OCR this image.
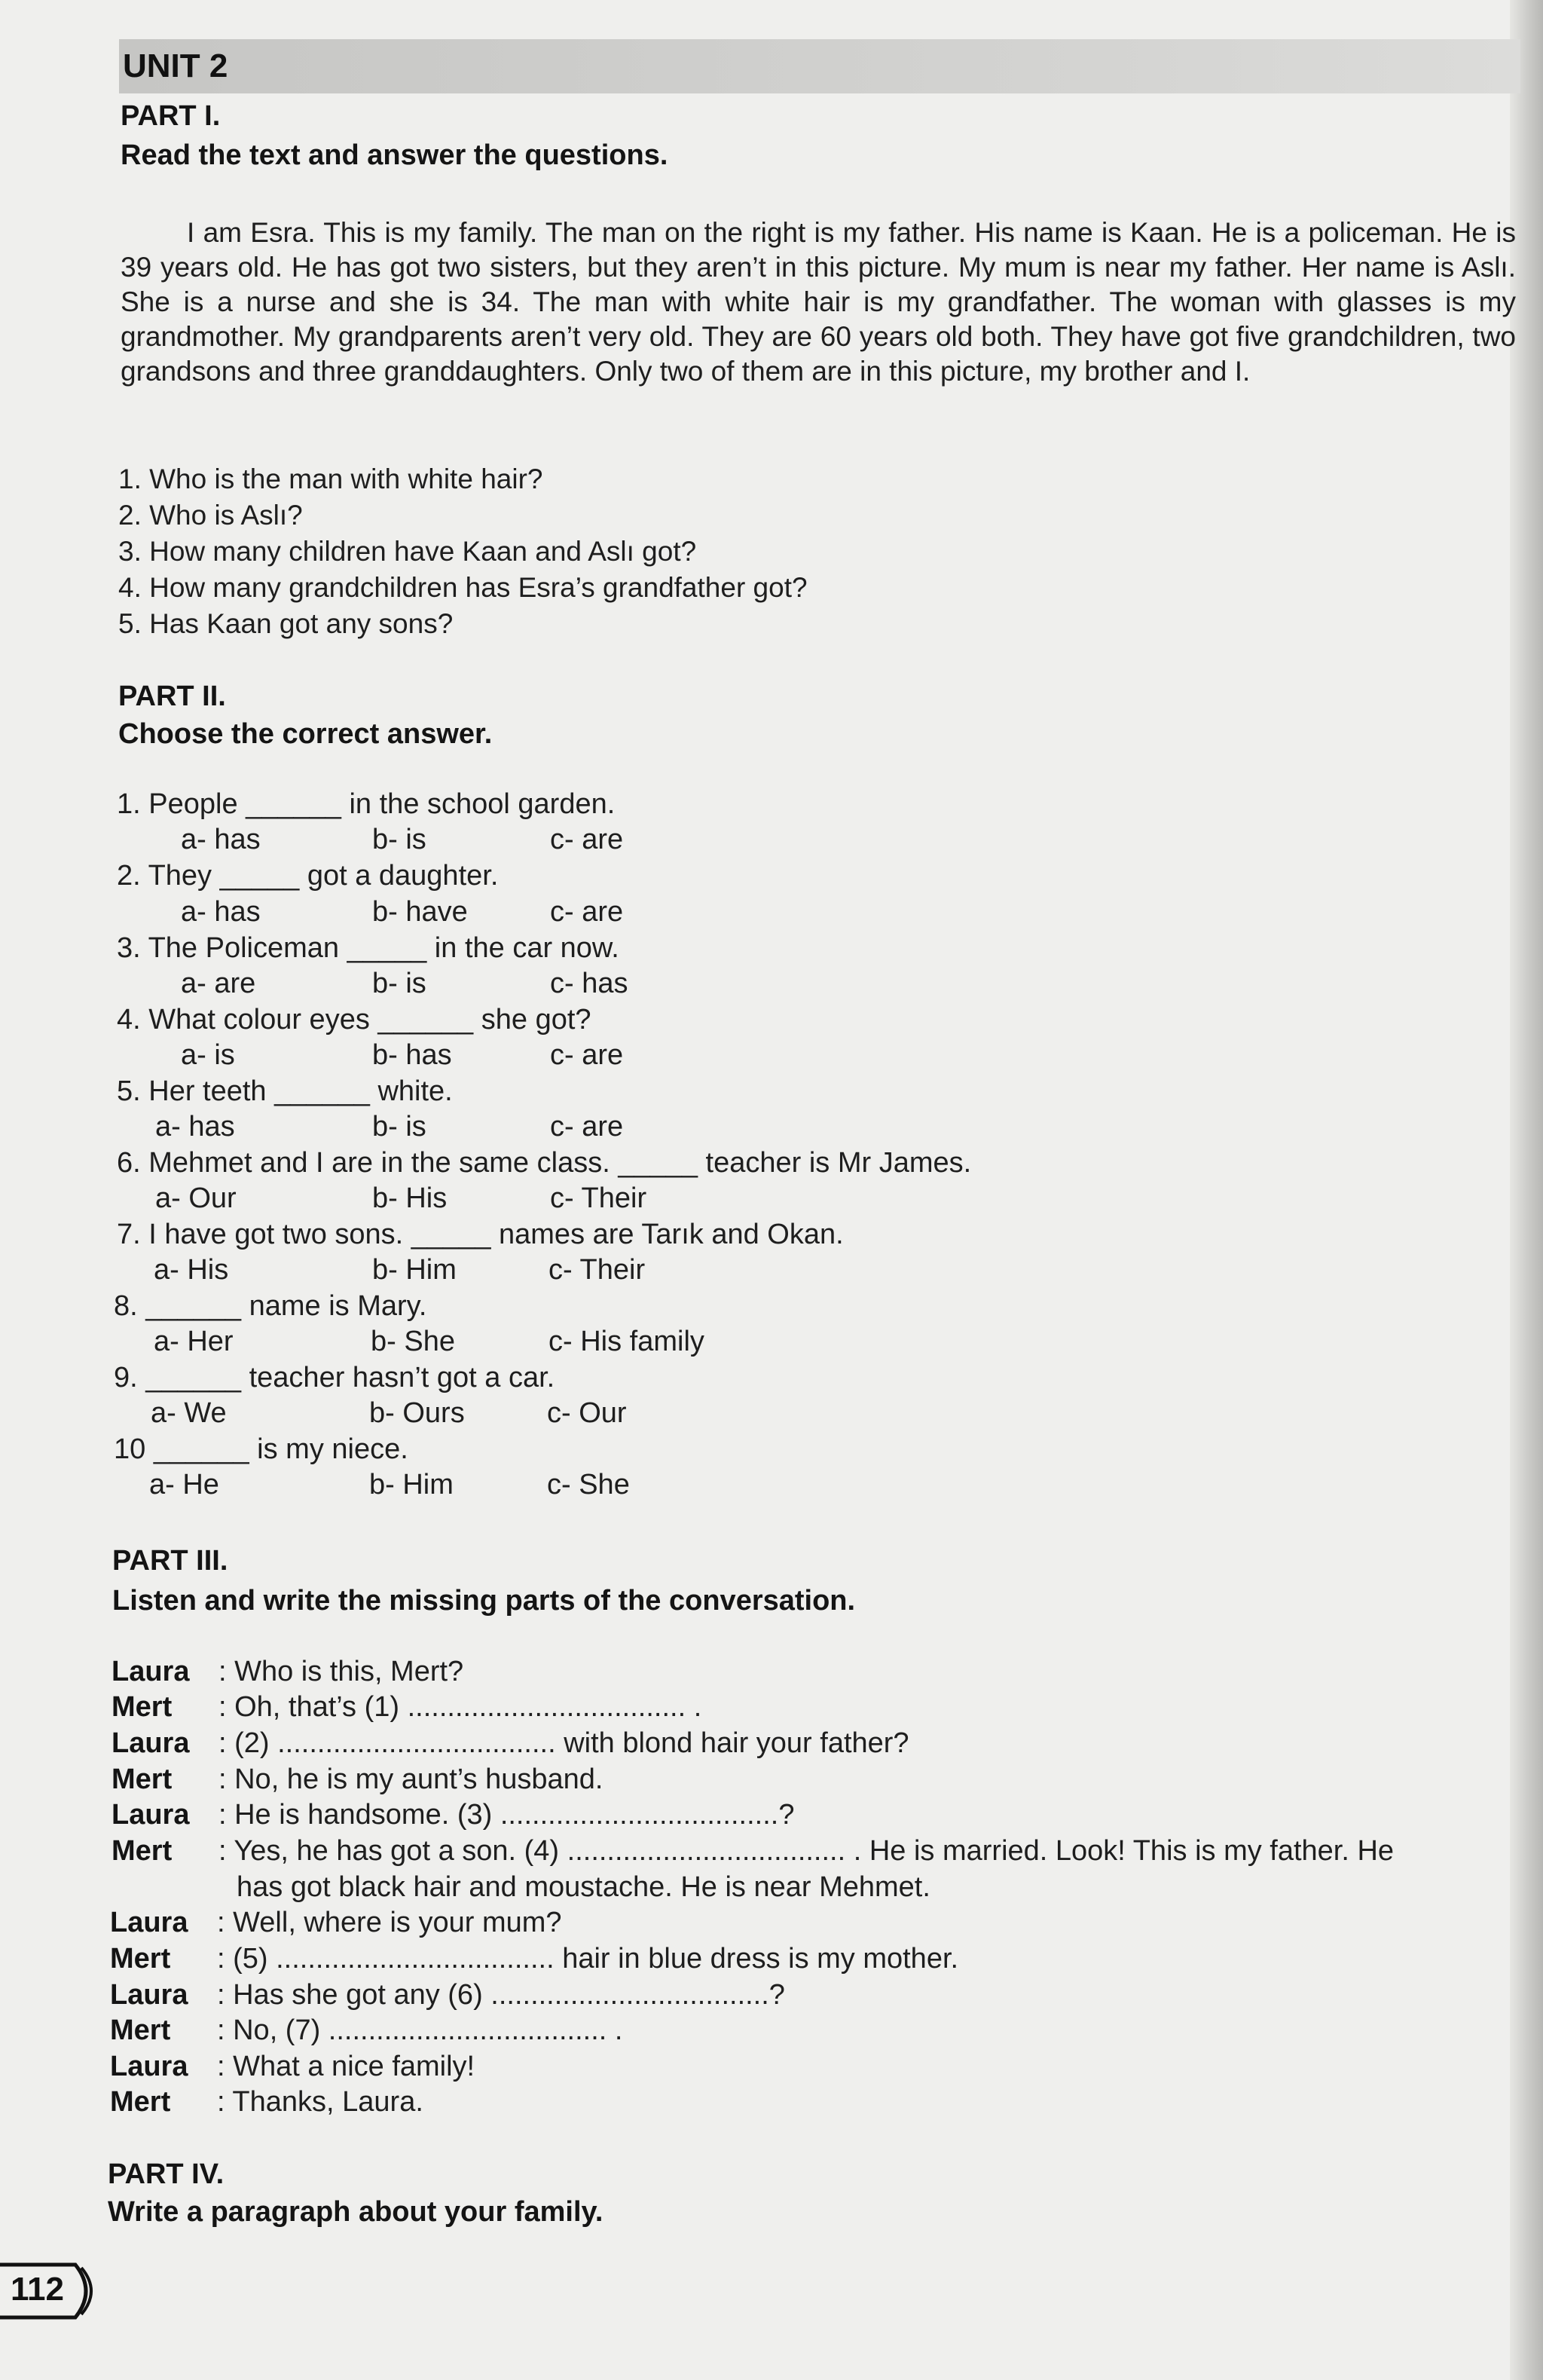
UNIT 2
PART I.
Read the text and answer the questions.

I am Esra. This is my family. The man on the right is my father. His name is Kaan. He is a policeman. He is 39 years old. He has got two sisters, but they aren’t in this picture. My mum is near my father. Her name is Aslı. She is a nurse and she is 34. The man with white hair is my grandfather. The woman with glasses is my grandmother. My grandparents aren’t very old. They are 60 years old both. They have got five grandchildren, two grandsons and three granddaughters. Only two of them are in this picture, my brother and I.

1. Who is the man with white hair?
2. Who is Aslı?
3. How many children have Kaan and Aslı got?
4. How many grandchildren has Esra’s grandfather got?
5. Has Kaan got any sons?
PART II.
Choose the correct answer.
1. People ______ in the school garden.
a- has	b- is	c- are
2. They _____ got a daughter.
a- has	b- have	c- are
3. The Policeman _____ in the car now.
a- are	b- is	c- has
4. What colour eyes ______ she got?
a- is	b- has	c- are
5. Her teeth ______ white.
a- has	b- is	c- are
6. Mehmet and I are in the same class. _____ teacher is Mr James.
a- Our	b- His	c- Their
7. I have got two sons. _____ names are Tarık and Okan.
a- His	b- Him	c- Their
8. ______ name is Mary.
a- Her	b- She	c- His family
9. ______ teacher hasn’t got a car.
a- We	b- Ours	c- Our
10 ______ is my niece.
a- He	b- Him	c- She
PART III.
Listen and write the missing parts of the conversation.
Laura : Who is this, Mert?
Mert : Oh, that’s (1) ................................... .
Laura : (2) ................................... with blond hair your father?
Mert : No, he is my aunt’s husband.
Laura : He is handsome. (3) ...................................?
Mert : Yes, he has got a son. (4) ................................... . He is married. Look! This is my father. He
has got black hair and moustache. He is near Mehmet.
Laura : Well, where is your mum?
Mert : (5) ................................... hair in blue dress is my mother.
Laura : Has she got any (6) ...................................?
Mert : No, (7) ................................... .
Laura : What a nice family!
Mert : Thanks, Laura.
PART IV.
Write a paragraph about your family.
112
